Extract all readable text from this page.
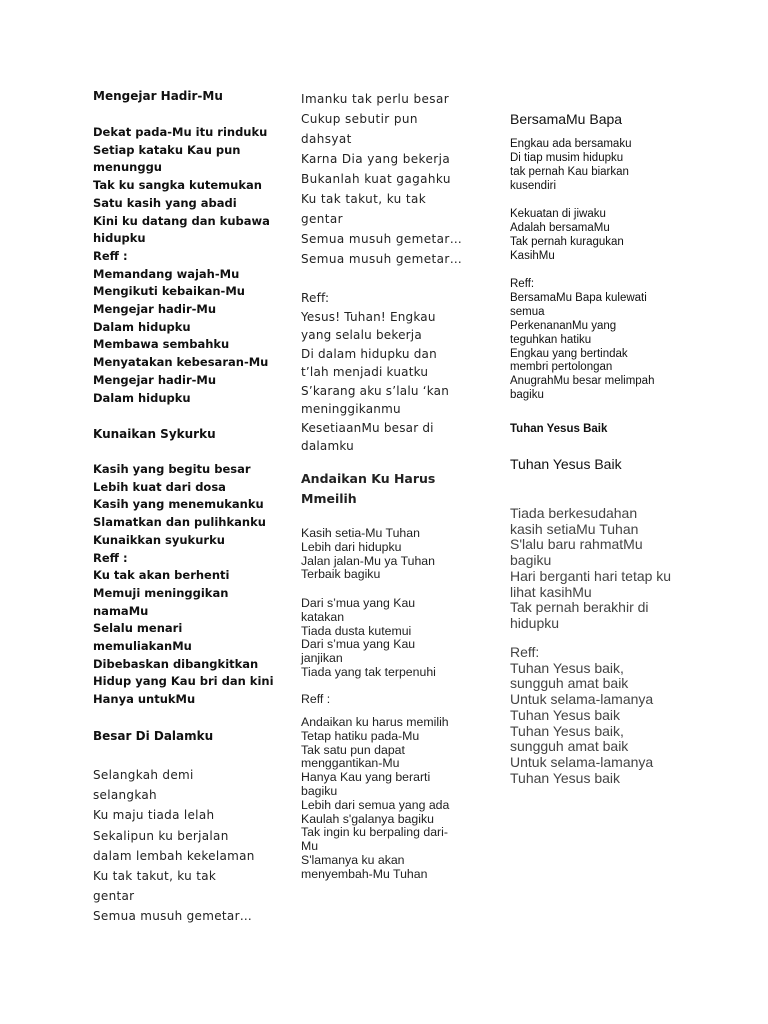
Mengejar Hadir-Mu
Dekat pada-Mu itu rinduku
Setiap kataku Kau pun
menunggu
Tak ku sangka kutemukan
Satu kasih yang abadi
Kini ku datang dan kubawa
hidupku
Reff :
Memandang wajah-Mu
Mengikuti kebaikan-Mu
Mengejar hadir-Mu
Dalam hidupku
Membawa sembahku
Menyatakan kebesaran-Mu
Mengejar hadir-Mu
Dalam hidupku
Kunaikan Sykurku
Kasih yang begitu besar
Lebih kuat dari dosa
Kasih yang menemukanku
Slamatkan dan pulihkanku
Kunaikkan syukurku
Reff :
Ku tak akan berhenti
Memuji meninggikan
namaMu
Selalu menari
memuliakanMu
Dibebaskan dibangkitkan
Hidup yang Kau bri dan kini
Hanya untukMu
Besar Di Dalamku
Selangkah demi
selangkah
Ku maju tiada lelah
Sekalipun ku berjalan
dalam lembah kekelaman
Ku tak takut, ku tak
gentar
Semua musuh gemetar…
Imanku tak perlu besar
Cukup sebutir pun
dahsyat
Karna Dia yang bekerja
Bukanlah kuat gagahku
Ku tak takut, ku tak
gentar
Semua musuh gemetar…
Semua musuh gemetar…
Reff:
Yesus! Tuhan! Engkau
yang selalu bekerja
Di dalam hidupku dan
t’lah menjadi kuatku
S’karang aku s’lalu ‘kan
meninggikanmu
KesetiaanMu besar di
dalamku
Andaikan Ku Harus
Mmeilih
Kasih setia-Mu Tuhan
Lebih dari hidupku
Jalan jalan-Mu ya Tuhan
Terbaik bagiku
Dari s’mua yang Kau
katakan
Tiada dusta kutemui
Dari s’mua yang Kau
janjikan
Tiada yang tak terpenuhi
Reff :
Andaikan ku harus memilih
Tetap hatiku pada-Mu
Tak satu pun dapat
menggantikan-Mu
Hanya Kau yang berarti
bagiku
Lebih dari semua yang ada
Kaulah s'galanya bagiku
Tak ingin ku berpaling dari-
Mu
S'lamanya ku akan
menyembah-Mu Tuhan
BersamaMu Bapa
Engkau ada bersamaku
Di tiap musim hidupku
tak pernah Kau biarkan
kusendiri
Kekuatan di jiwaku
Adalah bersamaMu
Tak pernah kuragukan
KasihMu
Reff:
BersamaMu Bapa kulewati
semua
PerkenananMu yang
teguhkan hatiku
Engkau yang bertindak
membri pertolongan
AnugrahMu besar melimpah
bagiku
Tuhan Yesus Baik
Tuhan Yesus Baik
Tiada berkesudahan
kasih setiaMu Tuhan
S'lalu baru rahmatMu
bagiku
Hari berganti hari tetap ku
lihat kasihMu
Tak pernah berakhir di
hidupku
Reff:
Tuhan Yesus baik,
sungguh amat baik
Untuk selama-lamanya
Tuhan Yesus baik
Tuhan Yesus baik,
sungguh amat baik
Untuk selama-lamanya
Tuhan Yesus baik
